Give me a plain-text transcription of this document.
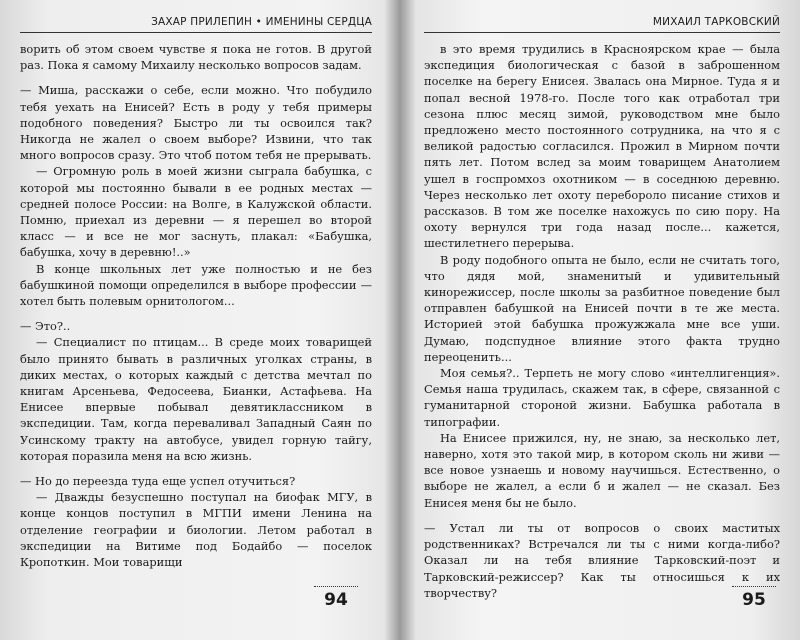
ЗАХАР ПРИЛЕПИН • ИМЕНИНЫ СЕРДЦА

ворить об этом своем чувстве я пока не готов. В другой раз. Пока я самому Михаилу несколько вопросов задам.

— Миша, расскажи о себе, если можно. Что побудило тебя уехать на Енисей? Есть в роду у тебя примеры подобного поведения? Быстро ли ты освоился так? Никогда не жалел о своем выборе? Извини, что так много вопросов сразу. Это чтоб потом тебя не прерывать.

— Огромную роль в моей жизни сыграла бабушка, с которой мы постоянно бывали в ее родных местах — средней полосе России: на Волге, в Калужской области. Помню, приехал из деревни — я перешел во второй класс — и все не мог заснуть, плакал: «Бабушка, бабушка, хочу в деревню!..»

В конце школьных лет уже полностью и не без бабушкиной помощи определился в выборе профессии — хотел быть полевым орнитологом...

— Это?..

— Специалист по птицам... В среде моих товарищей было принято бывать в различных уголках страны, в диких местах, о которых каждый с детства мечтал по книгам Арсеньева, Федосеева, Бианки, Астафьева. На Енисее впервые побывал девятиклассником в экспедиции. Там, когда переваливал Западный Саян по Усинскому тракту на автобусе, увидел горную тайгу, которая поразила меня на всю жизнь.

— Но до переезда туда еще успел отучиться?

— Дважды безуспешно поступал на биофак МГУ, в конце концов поступил в МГПИ имени Ленина на отделение географии и биологии. Летом работал в экспедиции на Витиме под Бодайбо — поселок Кропоткин. Мои товарищи

94
МИХАИЛ ТАРКОВСКИЙ

в это время трудились в Красноярском крае — была экспедиция биологическая с базой в заброшенном поселке на берегу Енисея. Звалась она Мирное. Туда я и попал весной 1978-го. После того как отработал три сезона плюс месяц зимой, руководством мне было предложено место постоянного сотрудника, на что я с великой радостью согласился. Прожил в Мирном почти пять лет. Потом вслед за моим товарищем Анатолием ушел в госпромхоз охотником — в соседнюю деревню. Через несколько лет охоту перебороло писание стихов и рассказов. В том же поселке нахожусь по сию пору. На охоту вернулся три года назад после... кажется, шестилетнего перерыва.

В роду подобного опыта не было, если не считать того, что дядя мой, знаменитый и удивительный кинорежиссер, после школы за разбитное поведение был отправлен бабушкой на Енисей почти в те же места. Историей этой бабушка прожужжала мне все уши. Думаю, подспудное влияние этого факта трудно переоценить...

Моя семья?.. Терпеть не могу слово «интеллигенция». Семья наша трудилась, скажем так, в сфере, связанной с гуманитарной стороной жизни. Бабушка работала в типографии.

На Енисее прижился, ну, не знаю, за несколько лет, наверно, хотя это такой мир, в котором сколь ни живи — все новое узнаешь и новому научишься. Естественно, о выборе не жалел, а если б и жалел — не сказал. Без Енисея меня бы не было.

— Устал ли ты от вопросов о своих маститых родственниках? Встречался ли ты с ними когда-либо? Оказал ли на тебя влияние Тарковский-поэт и Тарковский-режиссер? Как ты относишься к их творчеству?	95
